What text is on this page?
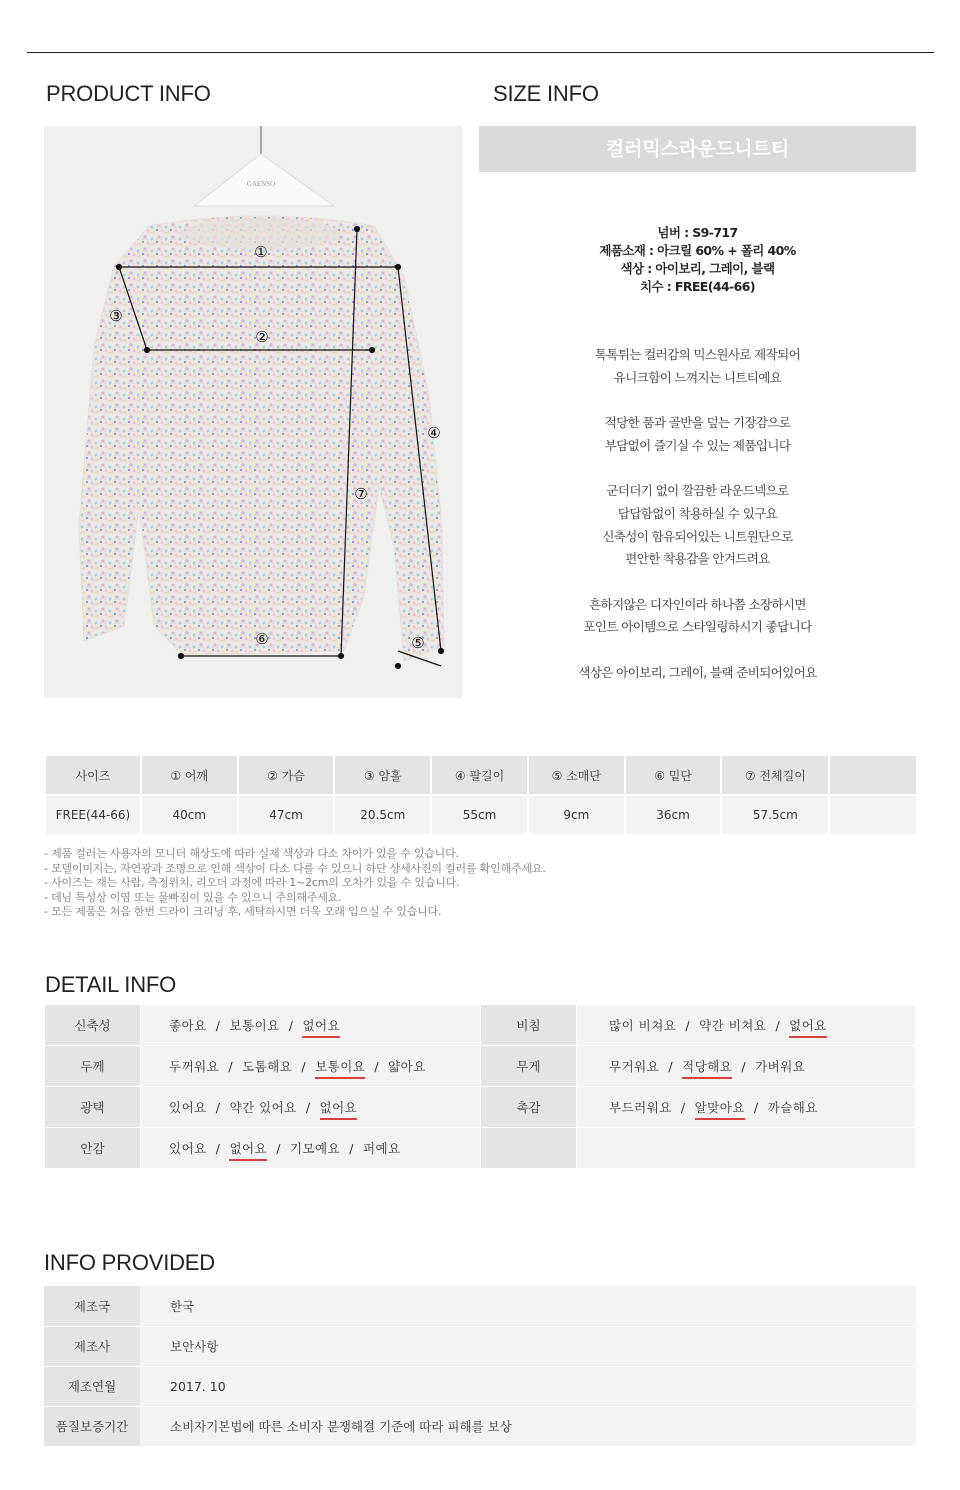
PRODUCT INFO	SIZE INFO
GAENSO
①
②
③
④
⑤
⑥
⑦
컬러믹스라운드니트티
넘버 : S9-717
제품소재 : 아크릴 60% + 폴리 40%
색상 : 아이보리, 그레이, 블랙
치수 : FREE(44-66)

톡톡튀는 컬러감의 믹스원사로 제작되어
유니크함이 느껴지는 니트티예요

적당한 품과 골반을 덮는 기장감으로
부담없이 즐기실 수 있는 제품입니다

군더더기 없이 깔끔한 라운드넥으로
답답함없이 착용하실 수 있구요
신축성이 함유되어있는 니트원단으로
편안한 착용감을 안겨드려요

흔하지않은 디자인이라 하나쯤 소장하시면
포인트 아이템으로 스타일링하시기 좋답니다

색상은 아이보리, 그레이, 블랙 준비되어있어요

사이즈	① 어깨	② 가슴	③ 암홀	④ 팔길이	⑤ 소매단	⑥ 밑단	⑦ 전체길이	
FREE(44-66)	40cm	47cm	20.5cm	55cm	9cm	36cm	57.5cm	
- 제품 컬러는 사용자의 모니터 해상도에 따라 실제 색상과 다소 차이가 있을 수 있습니다.
- 모델이미지는, 자연광과 조명으로 인해 색상이 다소 다를 수 있으니 하단 상세사진의 컬러를 확인해주세요.
- 사이즈는 재는 사람, 측정위치, 리오더 과정에 따라 1~2cm의 오차가 있을 수 있습니다.
- 데님 특성상 이염 또는 물빠짐이 있을 수 있으니 주의해주세요.
- 모든 제품은 처음 한번 드라이 크리닝 후, 세탁하시면 더욱 오래 입으실 수 있습니다.
DETAIL INFO
신축성	좋아요 / 보통이요 / 없어요	비침	많이 비쳐요 / 약간 비쳐요 / 없어요
두께	두꺼워요 / 도톰해요 / 보통이요 / 얇아요	무게	무거워요 / 적당해요 / 가벼워요
광택	있어요 / 약간 있어요 / 없어요	촉감	부드러워요 / 알맞아요 / 까슬해요
안감	있어요 / 없어요 / 기모예요 / 퍼예요		
INFO PROVIDED
제조국	한국
제조사	보안사항
제조연월	2017. 10
품질보증기간	소비자기본법에 따른 소비자 분쟁해결 기준에 따라 피해를 보상
